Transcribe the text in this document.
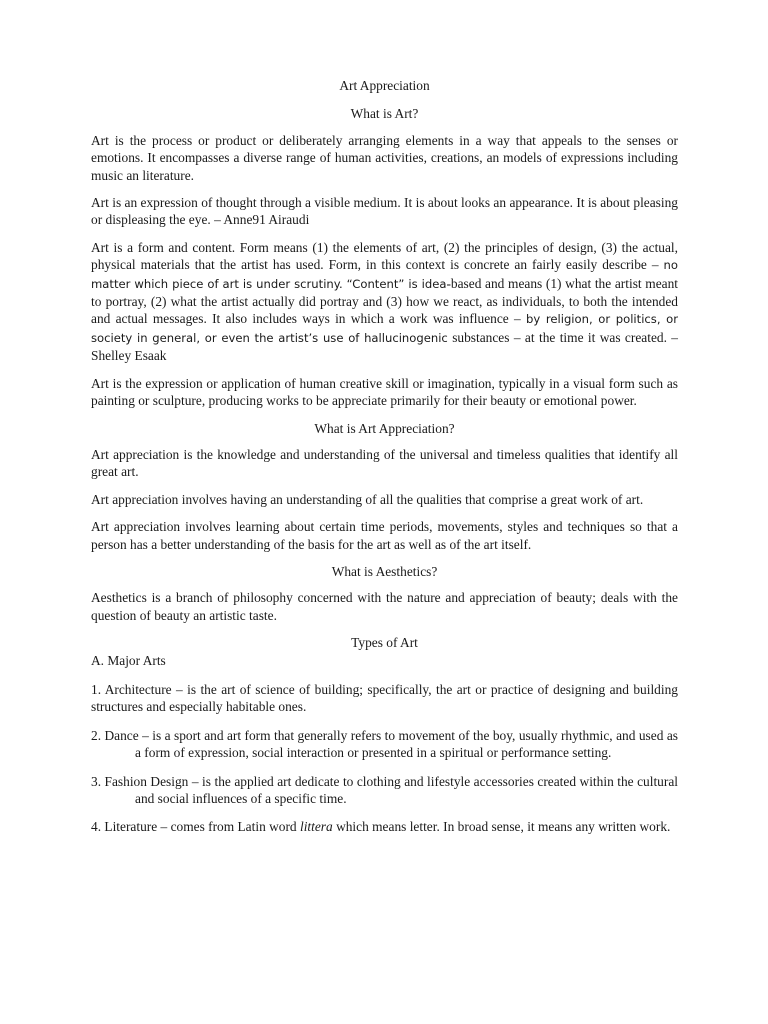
Art Appreciation
What is Art?

Art is the process or product or deliberately arranging elements in a way that appeals to the senses or emotions. It encompasses a diverse range of human activities, creations, an models of expressions including music an literature.

Art is an expression of thought through a visible medium. It is about looks an appearance. It is about pleasing or displeasing the eye. – Anne91 Airaudi

Art is a form and content. Form means (1) the elements of art, (2) the principles of design, (3) the actual, physical materials that the artist has used. Form, in this context is concrete an fairly easily describe – no matter which piece of art is under scrutiny. “Content” is idea-based and means (1) what the artist meant to portray, (2) what the artist actually did portray and (3) how we react, as individuals, to both the intended and actual messages. It also includes ways in which a work was influence – by religion, or politics, or society in general, or even the artist’s use of hallucinogenic substances – at the time it was created. – Shelley Esaak

Art is the expression or application of human creative skill or imagination, typically in a visual form such as painting or sculpture, producing works to be appreciate primarily for their beauty or emotional power.

What is Art Appreciation?

Art appreciation is the knowledge and understanding of the universal and timeless qualities that identify all great art.

Art appreciation involves having an understanding of all the qualities that comprise a great work of art.

Art appreciation involves learning about certain time periods, movements, styles and techniques so that a person has a better understanding of the basis for the art as well as of the art itself.

What is Aesthetics?

Aesthetics is a branch of philosophy concerned with the nature and appreciation of beauty; deals with the question of beauty an artistic taste.

Types of Art
A. Major Arts
1. Architecture – is the art of science of building; specifically, the art or practice of designing and building structures and especially habitable ones.
2. Dance – is a sport and art form that generally refers to movement of the boy, usually rhythmic, and used as a form of expression, social interaction or presented in a spiritual or performance setting.
3. Fashion Design – is the applied art dedicate to clothing and lifestyle accessories created within the cultural and social influences of a specific time.
4. Literature – comes from Latin word littera which means letter. In broad sense, it means any written work.
